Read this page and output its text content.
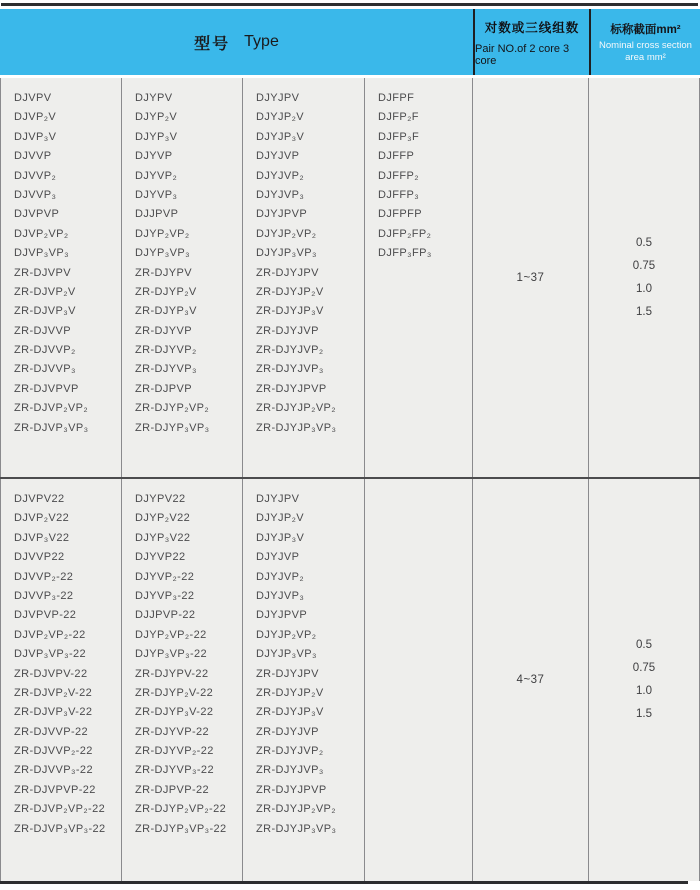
型号 Type
对数或三线组数
Pair NO.of 2 core 3 core
标称截面mm²
Nominal cross section
area mm²
DJVPV
DJVP₂V
DJVP₃V
DJVVP
DJVVP₂
DJVVP₃
DJVPVP
DJVP₂VP₂
DJVP₃VP₃
ZR-DJVPV
ZR-DJVP₂V
ZR-DJVP₃V
ZR-DJVVP
ZR-DJVVP₂
ZR-DJVVP₃
ZR-DJVPVP
ZR-DJVP₂VP₂
ZR-DJVP₃VP₃
DJYPV
DJYP₂V
DJYP₃V
DJYVP
DJYVP₂
DJYVP₃
DJJPVP
DJYP₂VP₂
DJYP₃VP₃
ZR-DJYPV
ZR-DJYP₂V
ZR-DJYP₃V
ZR-DJYVP
ZR-DJYVP₂
ZR-DJYVP₃
ZR-DJPVP
ZR-DJYP₂VP₂
ZR-DJYP₃VP₃
DJYJPV
DJYJP₂V
DJYJP₃V
DJYJVP
DJYJVP₂
DJYJVP₃
DJYJPVP
DJYJP₂VP₂
DJYJP₃VP₃
ZR-DJYJPV
ZR-DJYJP₂V
ZR-DJYJP₃V
ZR-DJYJVP
ZR-DJYJVP₂
ZR-DJYJVP₃
ZR-DJYJPVP
ZR-DJYJP₂VP₂
ZR-DJYJP₃VP₃
DJFPF
DJFP₂F
DJFP₃F
DJFFP
DJFFP₂
DJFFP₃
DJFPFP
DJFP₂FP₂
DJFP₃FP₃
1~37
0.5
0.75
1.0
1.5
DJVPV22
DJVP₂V22
DJVP₃V22
DJVVP22
DJVVP₂-22
DJVVP₃-22
DJVPVP-22
DJVP₂VP₂-22
DJVP₃VP₃-22
ZR-DJVPV-22
ZR-DJVP₂V-22
ZR-DJVP₃V-22
ZR-DJVVP-22
ZR-DJVVP₂-22
ZR-DJVVP₃-22
ZR-DJVPVP-22
ZR-DJVP₂VP₂-22
ZR-DJVP₃VP₃-22
DJYPV22
DJYP₂V22
DJYP₃V22
DJYVP22
DJYVP₂-22
DJYVP₃-22
DJJPVP-22
DJYP₂VP₂-22
DJYP₃VP₃-22
ZR-DJYPV-22
ZR-DJYP₂V-22
ZR-DJYP₃V-22
ZR-DJYVP-22
ZR-DJYVP₂-22
ZR-DJYVP₃-22
ZR-DJPVP-22
ZR-DJYP₂VP₂-22
ZR-DJYP₃VP₃-22
DJYJPV
DJYJP₂V
DJYJP₃V
DJYJVP
DJYJVP₂
DJYJVP₃
DJYJPVP
DJYJP₂VP₂
DJYJP₃VP₃
ZR-DJYJPV
ZR-DJYJP₂V
ZR-DJYJP₃V
ZR-DJYJVP
ZR-DJYJVP₂
ZR-DJYJVP₃
ZR-DJYJPVP
ZR-DJYJP₂VP₂
ZR-DJYJP₃VP₃
4~37
0.5
0.75
1.0
1.5
